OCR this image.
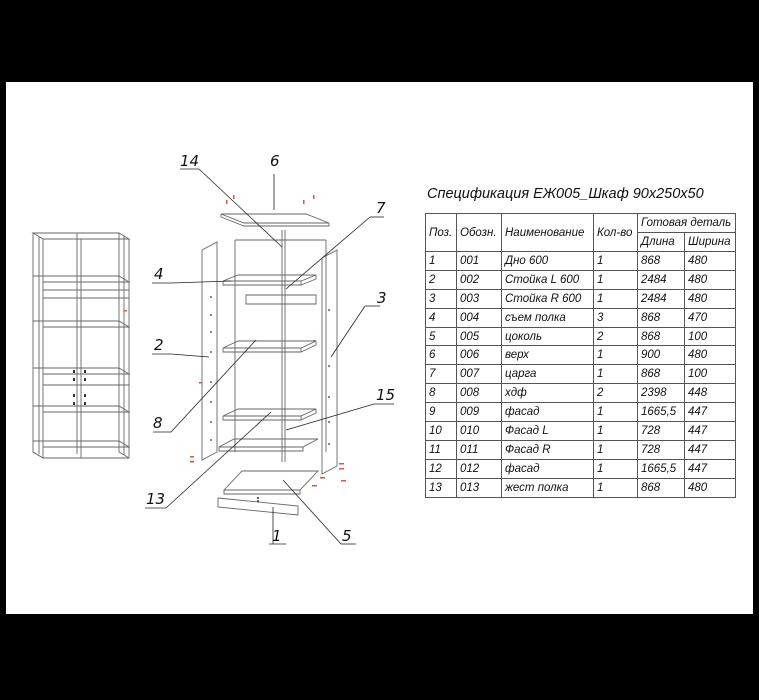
14	6
7
4
3
2
15
8
13
1	5
Спецификация ЕЖ005_Шкаф 90х250х50
Поз.	Обозн.	Наименование	Кол-во	Готовая деталь	
				Длина	Ширина
1	001	Дно 600	1	868	480
2	002	Стойка L 600	1	2484	480
3	003	Стойка R 600	1	2484	480
4	004	съем полка	3	868	470
5	005	цоколь	2	868	100
6	006	верх	1	900	480
7	007	царга	1	868	100
8	008	хдф	2	2398	448
9	009	фасад	1	1665,5	447
10	010	Фасад L	1	728	447
11	011	Фасад R	1	728	447
12	012	фасад	1	1665,5	447
13	013	жест полка	1	868	480
